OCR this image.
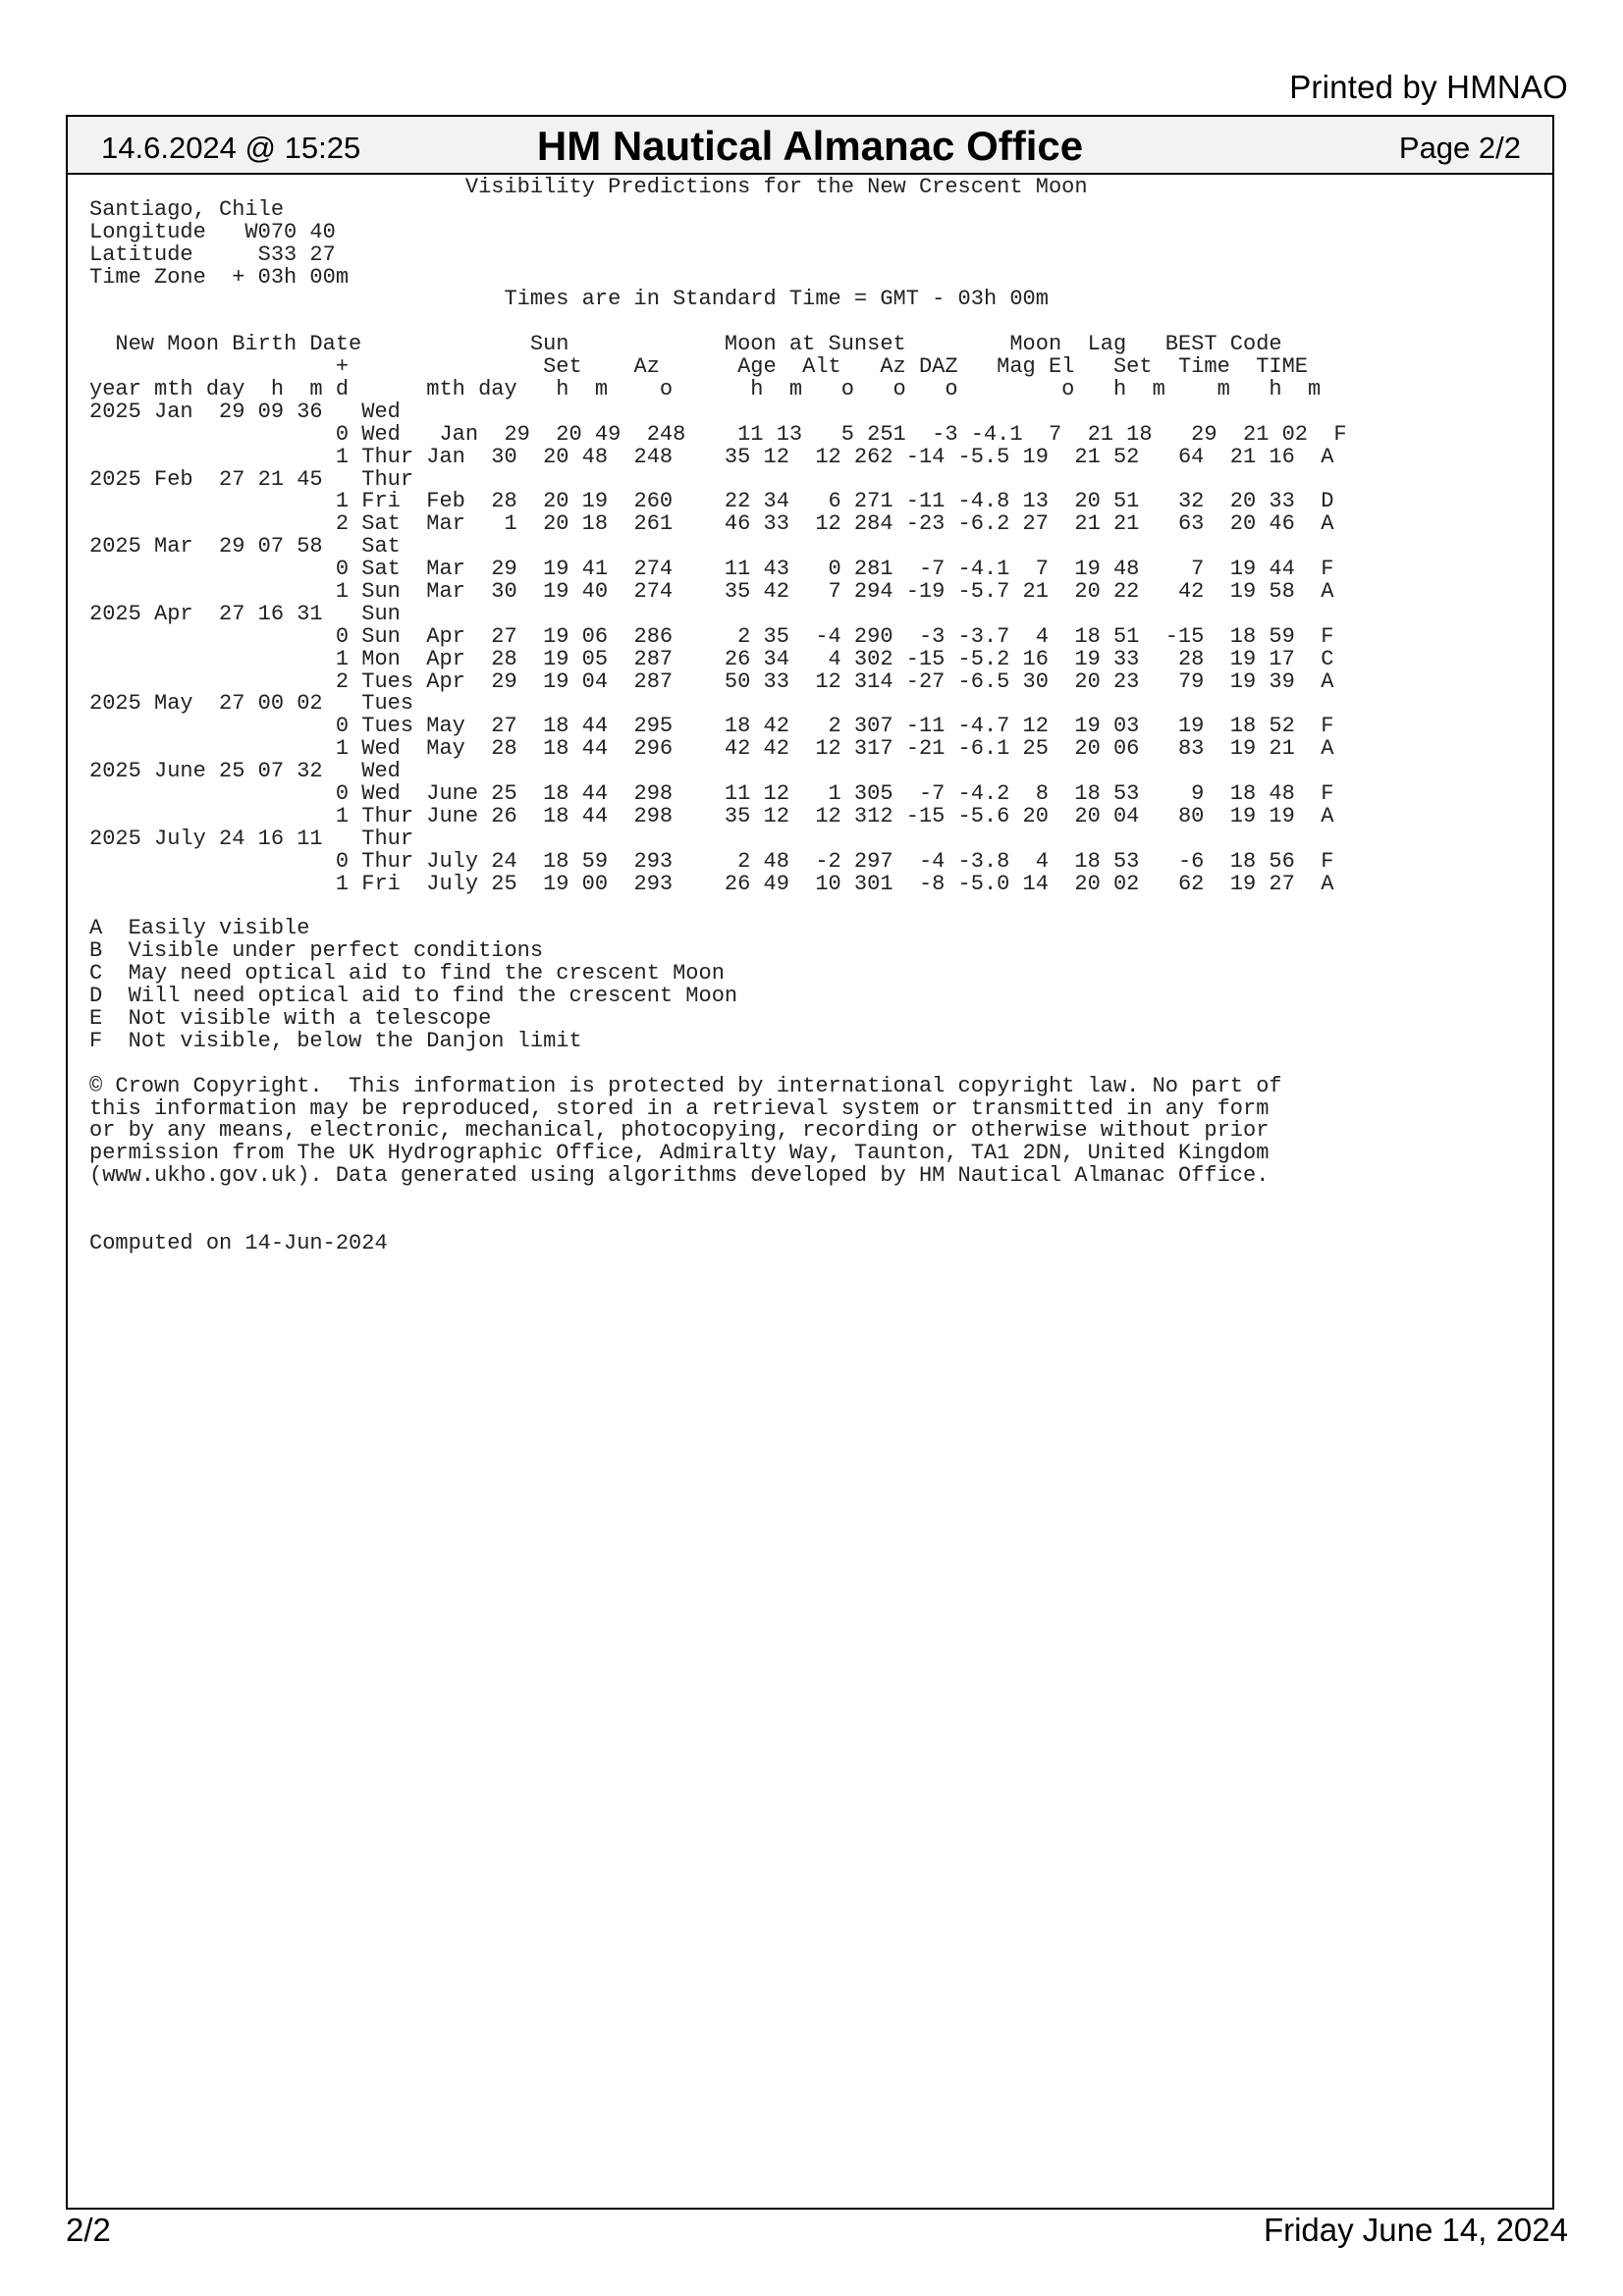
Printed by HMNAO
14.6.2024 @ 15:25	HM Nautical Almanac Office	Page 2/2
Visibility Predictions for the New Crescent Moon
Santiago, Chile
Longitude   W070 40
Latitude     S33 27
Time Zone  + 03h 00m
Times are in Standard Time = GMT - 03h 00m
New Moon Birth Date             Sun            Moon at Sunset        Moon  Lag   BEST Code
+               Set    Az      Age  Alt   Az DAZ   Mag El   Set  Time  TIME
year mth day  h  m d      mth day   h  m    o      h  m   o   o   o        o   h  m    m   h  m
2025 Jan  29 09 36   Wed
0 Wed   Jan  29  20 49  248    11 13   5 251  -3 -4.1  7  21 18   29  21 02  F
1 Thur Jan  30  20 48  248    35 12  12 262 -14 -5.5 19  21 52   64  21 16  A
2025 Feb  27 21 45   Thur
1 Fri  Feb  28  20 19  260    22 34   6 271 -11 -4.8 13  20 51   32  20 33  D
2 Sat  Mar   1  20 18  261    46 33  12 284 -23 -6.2 27  21 21   63  20 46  A
2025 Mar  29 07 58   Sat
0 Sat  Mar  29  19 41  274    11 43   0 281  -7 -4.1  7  19 48    7  19 44  F
1 Sun  Mar  30  19 40  274    35 42   7 294 -19 -5.7 21  20 22   42  19 58  A
2025 Apr  27 16 31   Sun
0 Sun  Apr  27  19 06  286     2 35  -4 290  -3 -3.7  4  18 51  -15  18 59  F
1 Mon  Apr  28  19 05  287    26 34   4 302 -15 -5.2 16  19 33   28  19 17  C
2 Tues Apr  29  19 04  287    50 33  12 314 -27 -6.5 30  20 23   79  19 39  A
2025 May  27 00 02   Tues
0 Tues May  27  18 44  295    18 42   2 307 -11 -4.7 12  19 03   19  18 52  F
1 Wed  May  28  18 44  296    42 42  12 317 -21 -6.1 25  20 06   83  19 21  A
2025 June 25 07 32   Wed
0 Wed  June 25  18 44  298    11 12   1 305  -7 -4.2  8  18 53    9  18 48  F
1 Thur June 26  18 44  298    35 12  12 312 -15 -5.6 20  20 04   80  19 19  A
2025 July 24 16 11   Thur
0 Thur July 24  18 59  293     2 48  -2 297  -4 -3.8  4  18 53   -6  18 56  F
1 Fri  July 25  19 00  293    26 49  10 301  -8 -5.0 14  20 02   62  19 27  A
A  Easily visible
B  Visible under perfect conditions
C  May need optical aid to find the crescent Moon
D  Will need optical aid to find the crescent Moon
E  Not visible with a telescope
F  Not visible, below the Danjon limit
© Crown Copyright.  This information is protected by international copyright law. No part of
this information may be reproduced, stored in a retrieval system or transmitted in any form
or by any means, electronic, mechanical, photocopying, recording or otherwise without prior
permission from The UK Hydrographic Office, Admiralty Way, Taunton, TA1 2DN, United Kingdom
(www.ukho.gov.uk). Data generated using algorithms developed by HM Nautical Almanac Office.
Computed on 14-Jun-2024
2/2	Friday June 14, 2024
